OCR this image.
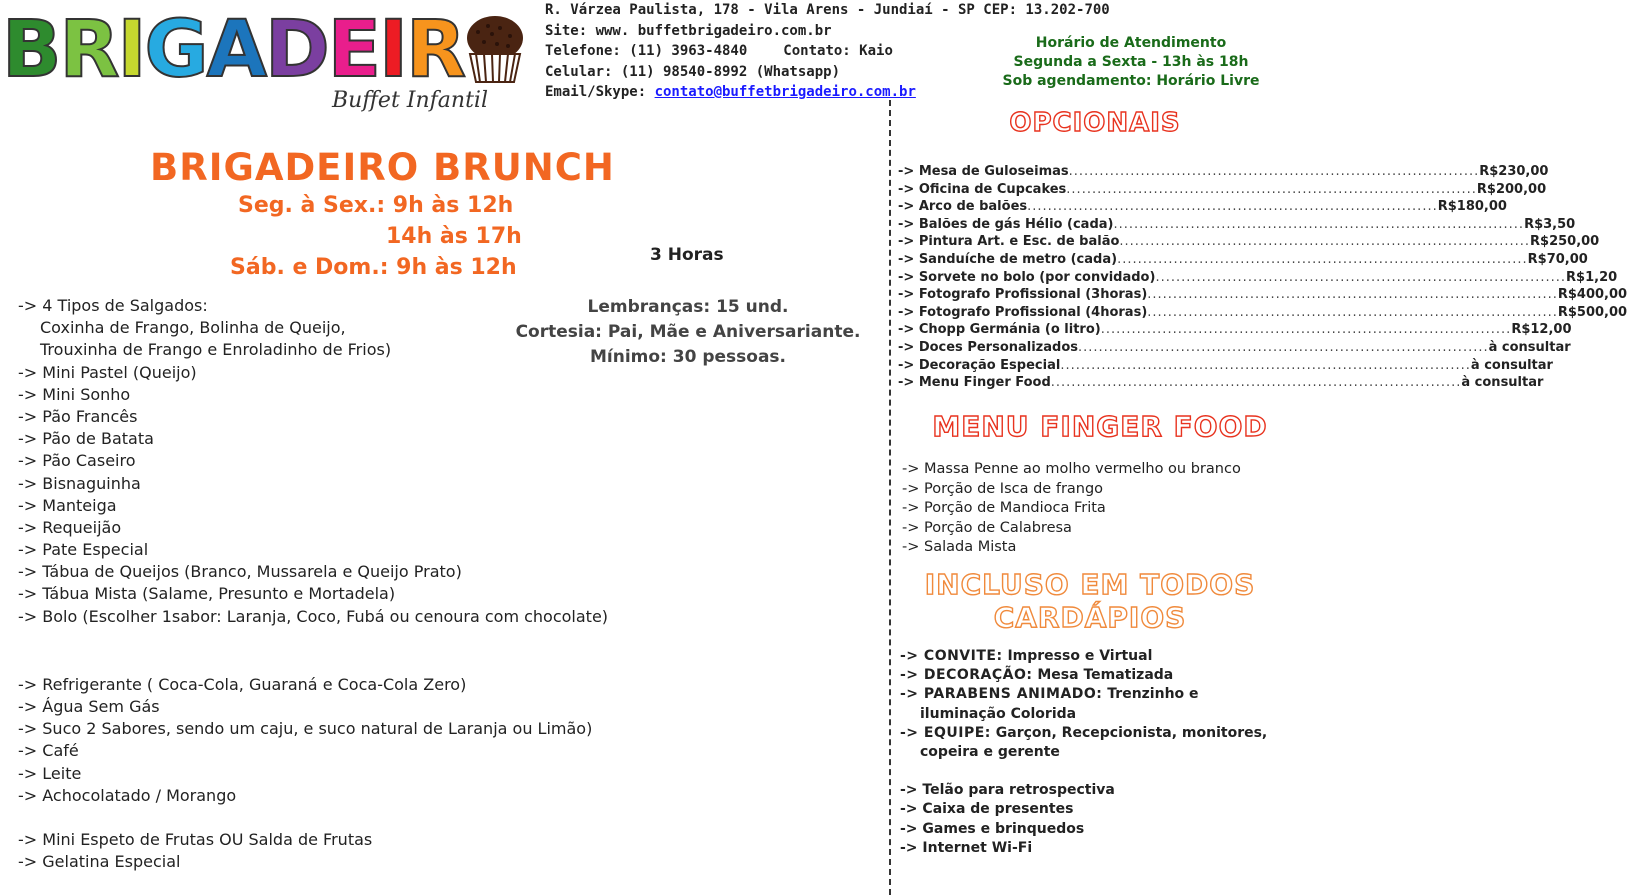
BRIGADEIR
Buffet Infantil
R. Várzea Paulista, 178 - Vila Arens - Jundiaí - SP CEP: 13.202-700
Site: www. buffetbrigadeiro.com.br
Telefone: (11) 3963-4840	Contato: Kaio
Celular: (11) 98540-8992 (Whatsapp)
Email/Skype: contato@buffetbrigadeiro.com.br
Horário de Atendimento
Segunda a Sexta - 13h às 18h
Sob agendamento: Horário Livre
BRIGADEIRO BRUNCH
Seg. à Sex.: 9h às 12h
14h às 17h
Sáb. e Dom.: 9h às 12h	3 Horas
Lembranças: 15 und.
Cortesia: Pai, Mãe e Aniversariante.
Mínimo: 30 pessoas.
-> 4 Tipos de Salgados:
Coxinha de Frango, Bolinha de Queijo,
Trouxinha de Frango e Enroladinho de Frios)
-> Mini Pastel (Queijo)
-> Mini Sonho
-> Pão Francês
-> Pão de Batata
-> Pão Caseiro
-> Bisnaguinha
-> Manteiga
-> Requeijão
-> Pate Especial
-> Tábua de Queijos (Branco, Mussarela e Queijo Prato)
-> Tábua Mista (Salame, Presunto e Mortadela)
-> Bolo (Escolher 1sabor: Laranja, Coco, Fubá ou cenoura com chocolate)
-> Refrigerante ( Coca-Cola, Guaraná e Coca-Cola Zero)
-> Água Sem Gás
-> Suco 2 Sabores, sendo um caju, e suco natural de Laranja ou Limão)
-> Café
-> Leite
-> Achocolatado / Morango
-> Mini Espeto de Frutas OU Salda de Frutas
-> Gelatina Especial
OPCIONAIS
-> Mesa de Guloseimas ................................................................................ R$ 230,00
-> Oficina de Cupcakes ................................................................................ R$ 200,00
-> Arco de balões ................................................................................ R$ 180,00
-> Balões de gás Hélio (cada) ................................................................................ R$ 3,50
-> Pintura Art. e Esc. de balão ................................................................................ R$ 250,00
-> Sanduíche de metro (cada) ................................................................................ R$ 70,00
-> Sorvete no bolo (por convidado) ................................................................................ R$ 1,20
-> Fotografo Profissional (3horas) ................................................................................ R$ 400,00
-> Fotografo Profissional (4horas) ................................................................................ R$ 500,00
-> Chopp Germánia (o litro) ................................................................................ R$ 12,00
-> Doces Personalizados ................................................................................ à consultar
-> Decoração Especial ................................................................................ à consultar
-> Menu Finger Food ................................................................................ à consultar
MENU FINGER FOOD
-> Massa Penne ao molho vermelho ou branco
-> Porção de Isca de frango
-> Porção de Mandioca Frita
-> Porção de Calabresa
-> Salada Mista
INCLUSO EM TODOS
CARDÁPIOS
-> CONVITE: Impresso e Virtual
-> DECORAÇÃO: Mesa Tematizada
-> PARABENS ANIMADO: Trenzinho e
iluminação Colorida
-> EQUIPE: Garçon, Recepcionista, monitores,
copeira e gerente
-> Telão para retrospectiva
-> Caixa de presentes
-> Games e brinquedos
-> Internet Wi-Fi
